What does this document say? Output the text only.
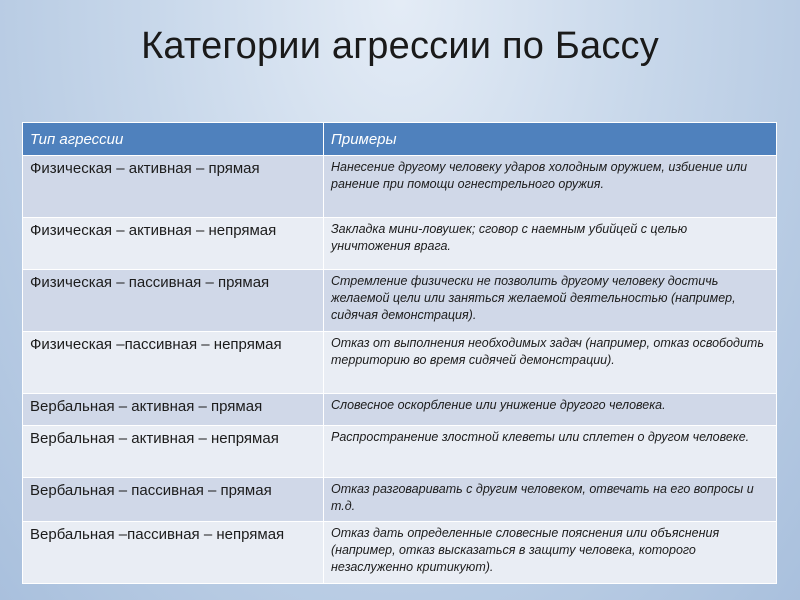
Категории агрессии по Бассу
Тип агрессии	Примеры
Физическая – активная – прямая	Нанесение другому человеку ударов холодным оружием, избиение или ранение при помощи огнестрельного оружия.
Физическая – активная – непрямая	Закладка мини-ловушек; сговор с наемным убийцей с целью уничтожения врага.
Физическая – пассивная – прямая	Стремление физически не позволить другому человеку достичь желаемой цели или заняться желаемой деятельностью (например, сидячая демонстрация).
Физическая –пассивная – непрямая	Отказ от выполнения необходимых задач (например, отказ освободить территорию во время сидячей демонстрации).
Вербальная – активная – прямая	Словесное оскорбление или унижение другого человека.
Вербальная – активная – непрямая	Распространение злостной клеветы или сплетен о другом человеке.
Вербальная – пассивная – прямая	Отказ разговаривать с другим человеком, отвечать на его вопросы и т.д.
Вербальная –пассивная – непрямая	Отказ дать определенные словесные пояснения или объяснения (например, отказ высказаться в защиту человека, которого незаслуженно критикуют).
